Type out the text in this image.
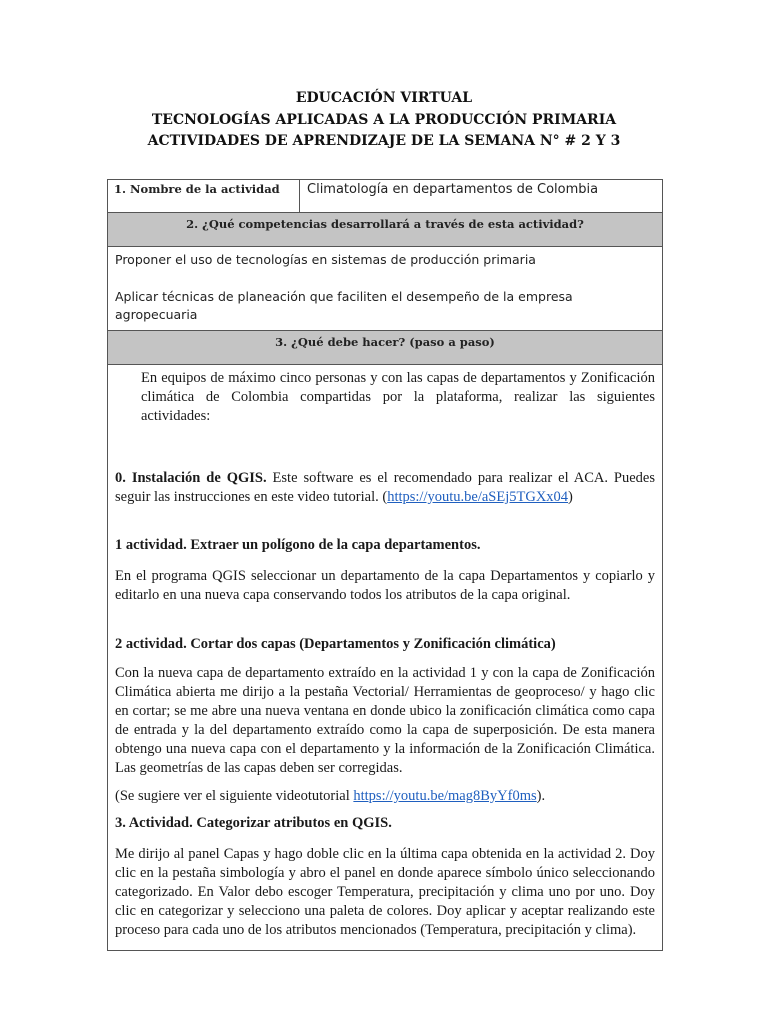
EDUCACIÓN VIRTUAL
TECNOLOGÍAS APLICADAS A LA PRODUCCIÓN PRIMARIA
ACTIVIDADES DE APRENDIZAJE DE LA SEMANA N° # 2 Y 3
1. Nombre de la actividad	Climatología en departamentos de Colombia
2. ¿Qué competencias desarrollará a través de esta actividad?

Proponer el uso de tecnologías en sistemas de producción primaria

Aplicar técnicas de planeación que faciliten el desempeño de la empresa agropecuaria

3. ¿Qué debe hacer? (paso a paso)

En equipos de máximo cinco personas y con las capas de departamentos y Zonificación climática de Colombia compartidas por la plataforma, realizar las siguientes actividades:

0. Instalación de QGIS. Este software es el recomendado para realizar el ACA. Puedes seguir las instrucciones en este video tutorial. (https://youtu.be/aSEj5TGXx04)

1 actividad. Extraer un polígono de la capa departamentos.

En el programa QGIS seleccionar un departamento de la capa Departamentos y copiarlo y editarlo en una nueva capa conservando todos los atributos de la capa original.

2 actividad. Cortar dos capas (Departamentos y Zonificación climática)

Con la nueva capa de departamento extraído en la actividad 1 y con la capa de Zonificación Climática abierta me dirijo a la pestaña Vectorial/ Herramientas de geoproceso/ y hago clic en cortar; se me abre una nueva ventana en donde ubico la zonificación climática como capa de entrada y la del departamento extraído como la capa de superposición. De esta manera obtengo una nueva capa con el departamento y la información de la Zonificación Climática. Las geometrías de las capas deben ser corregidas.

(Se sugiere ver el siguiente videotutorial https://youtu.be/mag8ByYf0ms).

3. Actividad. Categorizar atributos en QGIS.

Me dirijo al panel Capas y hago doble clic en la última capa obtenida en la actividad 2. Doy clic en la pestaña simbología y abro el panel en donde aparece símbolo único seleccionando categorizado. En Valor debo escoger Temperatura, precipitación y clima uno por uno. Doy clic en categorizar y selecciono una paleta de colores. Doy aplicar y aceptar realizando este proceso para cada uno de los atributos mencionados (Temperatura, precipitación y clima).
